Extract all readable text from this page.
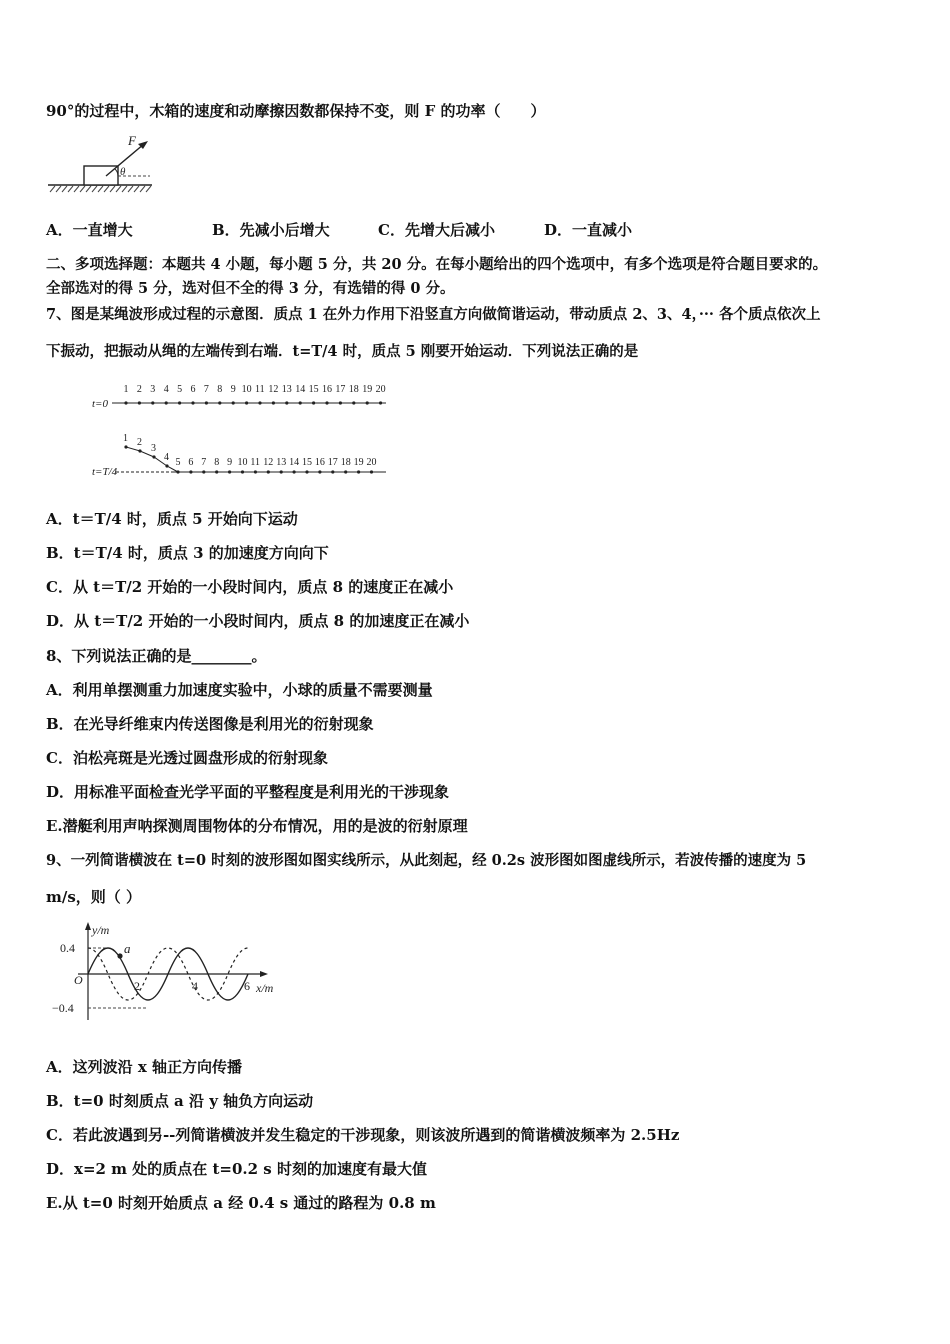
90°的过程中，木箱的速度和动摩擦因数都保持不变，则 F 的功率（　　）
F
θ
A．一直增大	B．先减小后增大	C．先增大后减小	D．一直减小
二、多项选择题：本题共 4 小题，每小题 5 分，共 20 分。在每小题给出的四个选项中，有多个选项是符合题目要求的。
全部选对的得 5 分，选对但不全的得 3 分，有选错的得 0 分。
7、图是某绳波形成过程的示意图．质点 1 在外力作用下沿竖直方向做简谐运动，带动质点 2、3、4，··· 各个质点依次上
下振动，把振动从绳的左端传到右端．t=T/4 时，质点 5 刚要开始运动．下列说法正确的是
t=0
1 2 3 4 5 6 7 8 9 10 11 12 13 14 15 16 17 18 19 20
t=T/4
1 2
3
4 5 6 7 8 9 10 11 12 13 14 15 16 17 18 19 20
A．t＝T/4 时，质点 5 开始向下运动
B．t＝T/4 时，质点 3 的加速度方向向下
C．从 t＝T/2 开始的一小段时间内，质点 8 的速度正在减小
D．从 t＝T/2 开始的一小段时间内，质点 8 的加速度正在减小
8、下列说法正确的是________。
A．利用单摆测重力加速度实验中，小球的质量不需要测量
B．在光导纤维束内传送图像是利用光的衍射现象
C．泊松亮斑是光透过圆盘形成的衍射现象
D．用标准平面检查光学平面的平整程度是利用光的干涉现象
E.潜艇利用声呐探测周围物体的分布情况，用的是波的衍射原理
9、一列简谐横波在 t=0 时刻的波形图如图实线所示，从此刻起，经 0.2s 波形图如图虚线所示，若波传播的速度为 5
m/s，则（ ）
a
y/m
x/m
O
0.4
−0.4
2	4	6
A．这列波沿 x 轴正方向传播
B．t=0 时刻质点 a 沿 y 轴负方向运动
C．若此波遇到另--列简谐横波并发生稳定的干涉现象，则该波所遇到的简谐横波频率为 2.5Hz
D．x=2 m 处的质点在 t=0.2 s 时刻的加速度有最大值
E.从 t=0 时刻开始质点 a 经 0.4 s 通过的路程为 0.8 m
